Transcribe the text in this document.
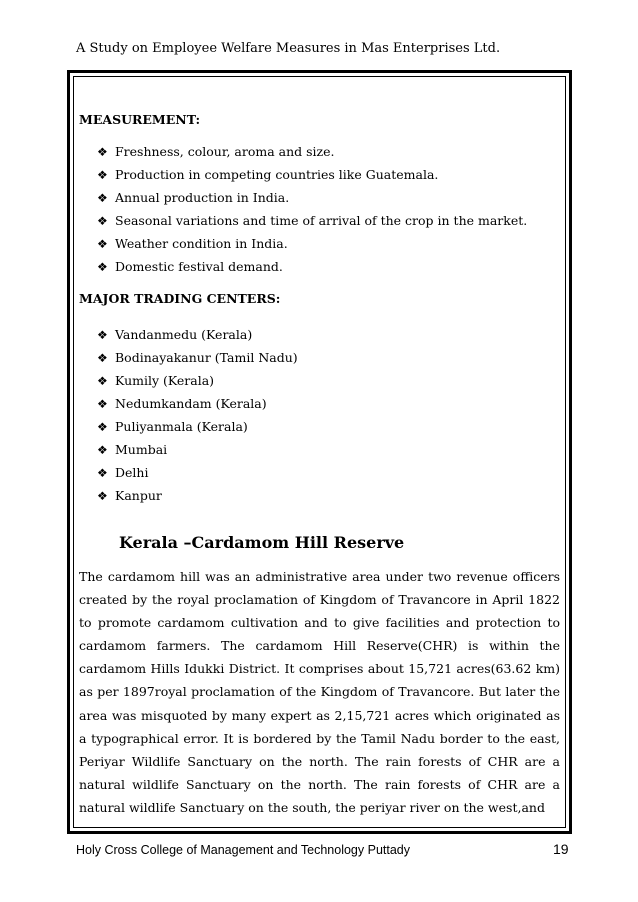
A Study on Employee Welfare Measures in Mas Enterprises Ltd.
MEASUREMENT:
❖ Freshness, colour, aroma and size.
❖ Production in competing countries like Guatemala.
❖ Annual production in India.
❖ Seasonal variations and time of arrival of the crop in the market.
❖ Weather condition in India.
❖ Domestic festival demand.
MAJOR TRADING CENTERS:
❖ Vandanmedu (Kerala)
❖ Bodinayakanur (Tamil Nadu)
❖ Kumily (Kerala)
❖ Nedumkandam (Kerala)
❖ Puliyanmala (Kerala)
❖ Mumbai
❖ Delhi
❖ Kanpur
Kerala –Cardamom Hill Reserve
The cardamom hill was an administrative area under two revenue officers created by the royal proclamation of Kingdom of Travancore in April 1822 to promote cardamom cultivation and to give facilities and protection to cardamom farmers. The cardamom Hill Reserve(CHR) is within the cardamom Hills Idukki District. It comprises about 15,721 acres(63.62 km) as per 1897royal proclamation of the Kingdom of Travancore. But later the area was misquoted by many expert as 2,15,721 acres which originated as a typographical error. It is bordered by the Tamil Nadu border to the east, Periyar Wildlife Sanctuary on the north. The rain forests of CHR are a natural wildlife Sanctuary on the north. The rain forests of CHR are a natural wildlife Sanctuary on the south, the periyar river on the west,and
Holy Cross College of Management and Technology Puttady	19
